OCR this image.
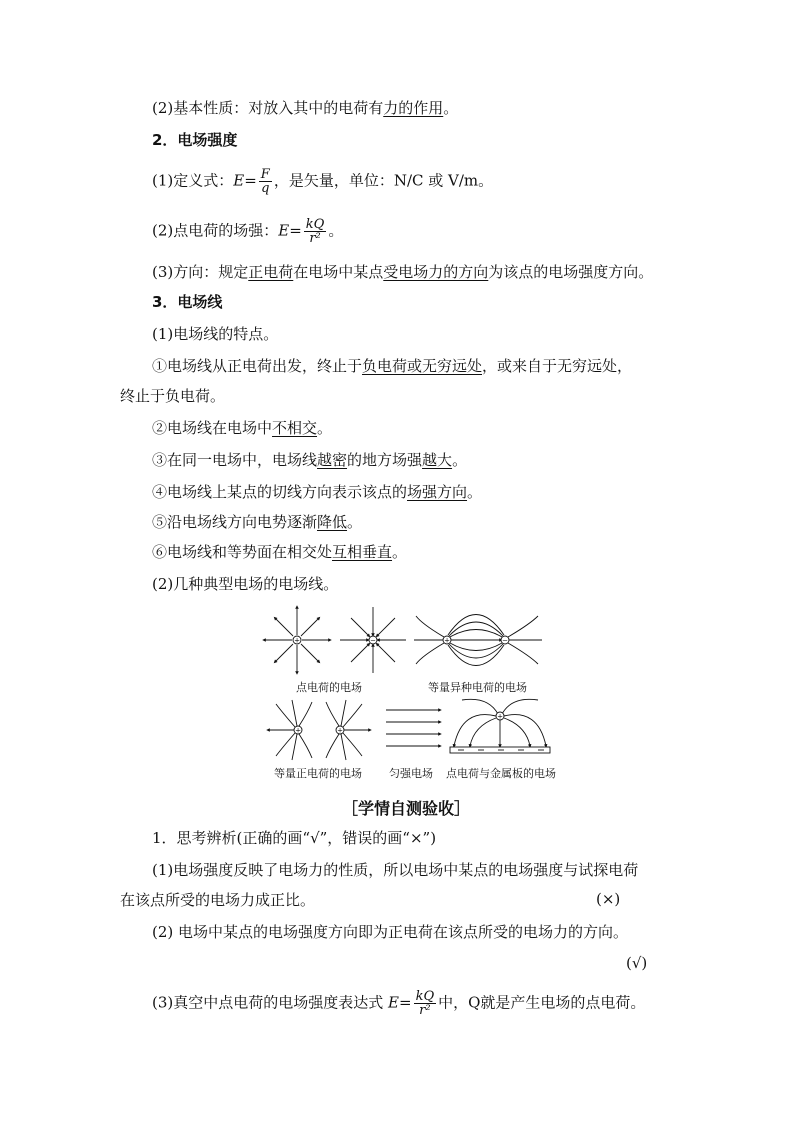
(2)基本性质：对放入其中的电荷有力的作用。
2．电场强度
(1)定义式：$E= \frac{F}{q}$ ，是矢量，单位：N/C 或 V/m。
(2)点电荷的场强：$E= \frac{kQ}{\text{r²}}$ 。
(3)方向：规定正电荷在电场中某点受电场力的方向为该点的电场强度方向。
3．电场线
(1)电场线的特点。
①电场线从正电荷出发，终止于负电荷或无穷远处，或来自于无穷远处，
终止于负电荷。
②电场线在电场中不相交。
③在同一电场中，电场线越密的地方场强越大。
④电场线上某点的切线方向表示该点的场强方向。
⑤沿电场线方向电势逐渐降低。
⑥电场线和等势面在相交处互相垂直。
(2)几种典型电场的电场线。
+	−	+	−
+	+
+
点电荷的电场	等量异种电荷的电场
等量正电荷的电场 匀强电场 点电荷与金属板的电场
［学情自测验收］
1．思考辨析(正确的画“√”，错误的画“×”)
(1)电场强度反映了电场力的性质，所以电场中某点的电场强度与试探电荷
在该点所受的电场力成正比。	(×)
(2) 电场中某点的电场强度方向即为正电荷在该点所受的电场力的方向。
(√)
(3)真空中点电荷的电场强度表达式 $E= \frac{kQ}{\text{r²}}$ 中，Q就是产生电场的点电荷。
